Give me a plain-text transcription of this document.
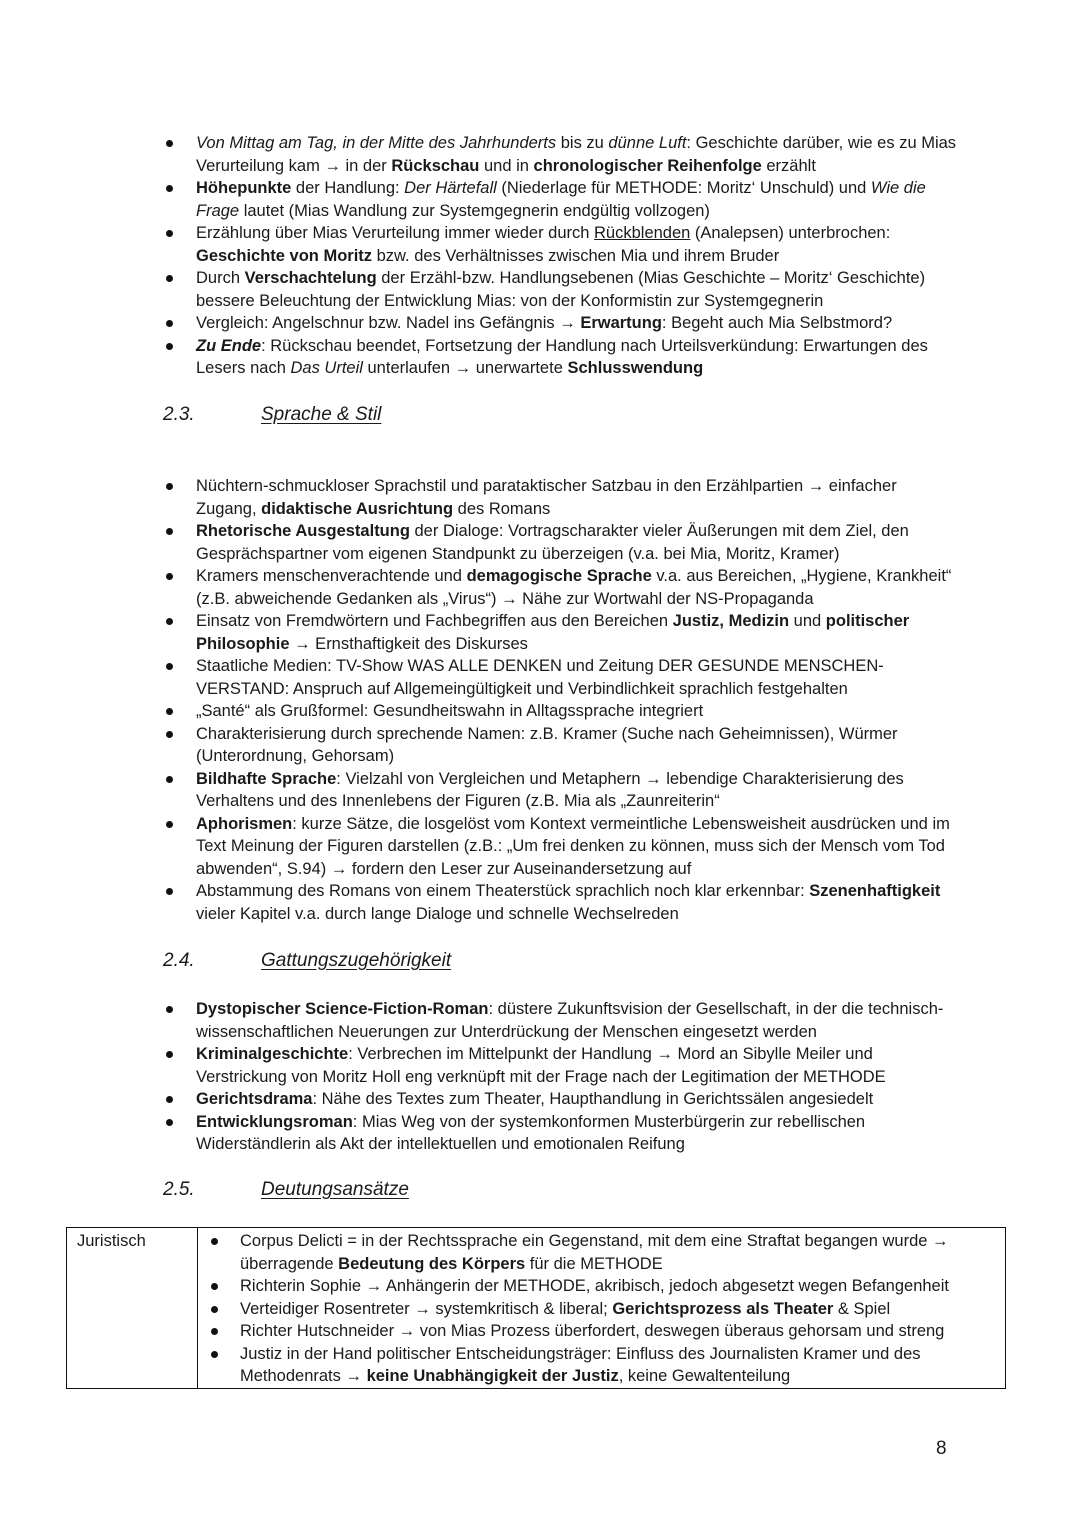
Von Mittag am Tag, in der Mitte des Jahrhunderts bis zu dünne Luft: Geschichte darüber, wie es zu Mias Verurteilung kam → in der Rückschau und in chronologischer Reihenfolge erzählt
Höhepunkte der Handlung: Der Härtefall (Niederlage für METHODE: Moritz‘ Unschuld) und Wie die Frage lautet (Mias Wandlung zur Systemgegnerin endgültig vollzogen)
Erzählung über Mias Verurteilung immer wieder durch Rückblenden (Analepsen) unterbrochen: Geschichte von Moritz bzw. des Verhältnisses zwischen Mia und ihrem Bruder
Durch Verschachtelung der Erzähl-bzw. Handlungsebenen (Mias Geschichte – Moritz‘ Geschichte) bessere Beleuchtung der Entwicklung Mias: von der Konformistin zur Systemgegnerin
Vergleich: Angelschnur bzw. Nadel ins Gefängnis → Erwartung: Begeht auch Mia Selbstmord?
Zu Ende: Rückschau beendet, Fortsetzung der Handlung nach Urteilsverkündung: Erwartungen des Lesers nach Das Urteil unterlaufen → unerwartete Schlusswendung
2.3.	Sprache & Stil
Nüchtern-schmuckloser Sprachstil und parataktischer Satzbau in den Erzählpartien → einfacher Zugang, didaktische Ausrichtung des Romans
Rhetorische Ausgestaltung der Dialoge: Vortragscharakter vieler Äußerungen mit dem Ziel, den Gesprächspartner vom eigenen Standpunkt zu überzeigen (v.a. bei Mia, Moritz, Kramer)
Kramers menschenverachtende und demagogische Sprache v.a. aus Bereichen, „Hygiene, Krankheit“ (z.B. abweichende Gedanken als „Virus“) → Nähe zur Wortwahl der NS-Propaganda
Einsatz von Fremdwörtern und Fachbegriffen aus den Bereichen Justiz, Medizin und politischer Philosophie → Ernsthaftigkeit des Diskurses
Staatliche Medien: TV-Show WAS ALLE DENKEN und Zeitung DER GESUNDE MENSCHEN-VERSTAND: Anspruch auf Allgemeingültigkeit und Verbindlichkeit sprachlich festgehalten
„Santé“ als Grußformel: Gesundheitswahn in Alltagssprache integriert
Charakterisierung durch sprechende Namen: z.B. Kramer (Suche nach Geheimnissen), Würmer (Unterordnung, Gehorsam)
Bildhafte Sprache: Vielzahl von Vergleichen und Metaphern → lebendige Charakterisierung des Verhaltens und des Innenlebens der Figuren (z.B. Mia als „Zaunreiterin“
Aphorismen: kurze Sätze, die losgelöst vom Kontext vermeintliche Lebensweisheit ausdrücken und im Text Meinung der Figuren darstellen (z.B.: „Um frei denken zu können, muss sich der Mensch vom Tod abwenden“, S.94) → fordern den Leser zur Auseinandersetzung auf
Abstammung des Romans von einem Theaterstück sprachlich noch klar erkennbar: Szenenhaftigkeit vieler Kapitel v.a. durch lange Dialoge und schnelle Wechselreden
2.4.	Gattungszugehörigkeit
Dystopischer Science-Fiction-Roman: düstere Zukunftsvision der Gesellschaft, in der die technisch-wissenschaftlichen Neuerungen zur Unterdrückung der Menschen eingesetzt werden
Kriminalgeschichte: Verbrechen im Mittelpunkt der Handlung → Mord an Sibylle Meiler und Verstrickung von Moritz Holl eng verknüpft mit der Frage nach der Legitimation der METHODE
Gerichtsdrama: Nähe des Textes zum Theater, Haupthandlung in Gerichtssälen angesiedelt
Entwicklungsroman: Mias Weg von der systemkonformen Musterbürgerin zur rebellischen Widerständlerin als Akt der intellektuellen und emotionalen Reifung
2.5.	Deutungsansätze
Juristisch	Corpus Delicti = in der Rechtssprache ein Gegenstand, mit dem eine Straftat begangen wurde → überragende Bedeutung des Körpers für die METHODE
Richterin Sophie → Anhängerin der METHODE, akribisch, jedoch abgesetzt wegen Befangenheit
Verteidiger Rosentreter → systemkritisch & liberal; Gerichtsprozess als Theater & Spiel
Richter Hutschneider → von Mias Prozess überfordert, deswegen überaus gehorsam und streng
Justiz in der Hand politischer Entscheidungsträger: Einfluss des Journalisten Kramer und des Methodenrats → keine Unabhängigkeit der Justiz, keine Gewaltenteilung
8
